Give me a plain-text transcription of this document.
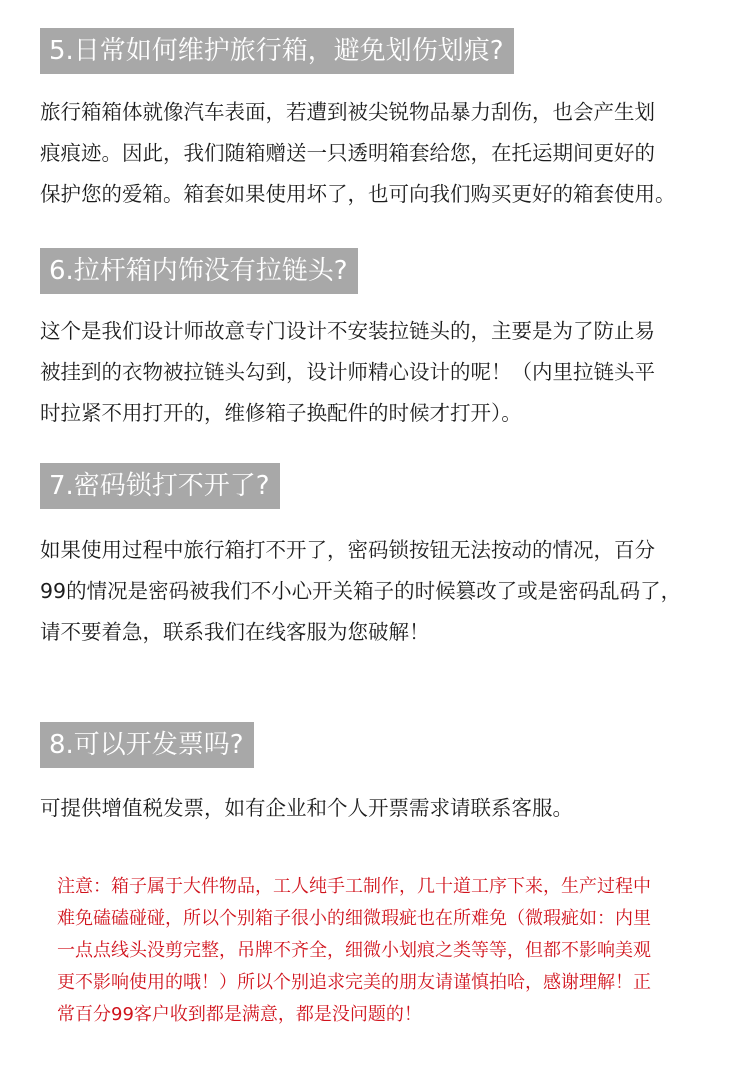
5.日常如何维护旅行箱，避免划伤划痕?
旅行箱箱体就像汽车表面，若遭到被尖锐物品暴力刮伤，也会产生划
痕痕迹。因此，我们随箱赠送一只透明箱套给您，在托运期间更好的
保护您的爱箱。箱套如果使用坏了，也可向我们购买更好的箱套使用。
6.拉杆箱内饰没有拉链头?
这个是我们设计师故意专门设计不安装拉链头的，主要是为了防止易
被挂到的衣物被拉链头勾到，设计师精心设计的呢！（内里拉链头平
时拉紧不用打开的，维修箱子换配件的时候才打开）。
7.密码锁打不开了?
如果使用过程中旅行箱打不开了，密码锁按钮无法按动的情况，百分
99的情况是密码被我们不小心开关箱子的时候篡改了或是密码乱码了，
请不要着急，联系我们在线客服为您破解！
8.可以开发票吗?
可提供增值税发票，如有企业和个人开票需求请联系客服。
注意：箱子属于大件物品，工人纯手工制作，几十道工序下来，生产过程中
难免磕磕碰碰，所以个别箱子很小的细微瑕疵也在所难免（微瑕疵如：内里
一点点线头没剪完整，吊牌不齐全，细微小划痕之类等等，但都不影响美观
更不影响使用的哦！）所以个别追求完美的朋友请谨慎拍哈，感谢理解！正
常百分99客户收到都是满意，都是没问题的！
